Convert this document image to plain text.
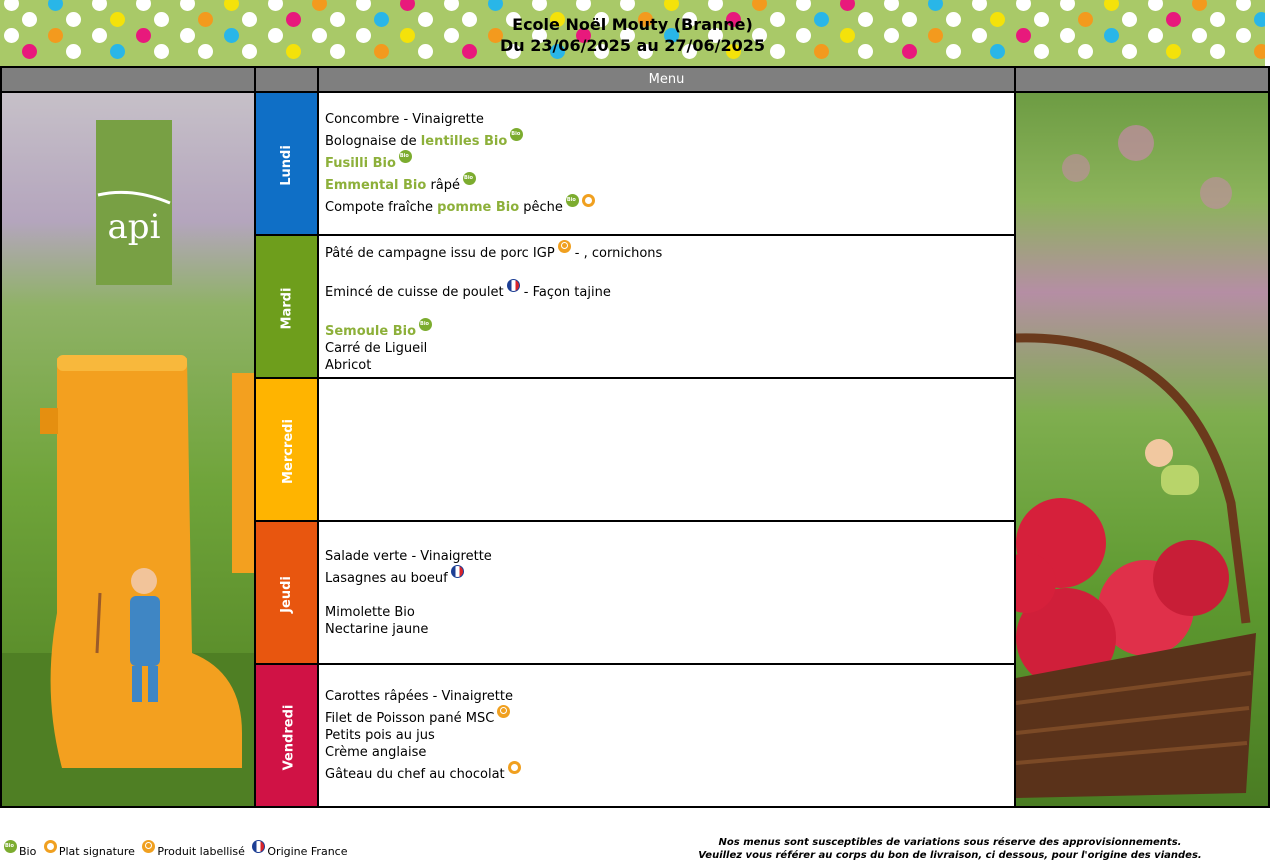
Ecole Noël Mouty (Branne)
Du 23/06/2025 au 27/06/2025
		Menu	

api	Lundi	Concombre - Vinaigrette
Bolognaise de lentilles BioBio
Fusilli BioBio
Emmental Bio râpéBio
Compote fraîche pomme Bio pêcheBio

	Mardi	Pâté de campagne issu de porc IGP - , cornichons
Emincé de cuisse de poulet - Façon tajine
Semoule BioBio
Carré de Ligueil
Abricot

	Mercredi		
	Jeudi	Salade verte - Vinaigrette
Lasagnes au boeuf
Mimolette Bio
Nectarine jaune	

	Vendredi	Carottes râpées - Vinaigrette
Filet de Poisson pané MSC
Petits pois au jus
Crème anglaise
Gâteau du chef au chocolat	
BioBio Plat signature Produit labellisé Origine France
Nos menus sont susceptibles de variations sous réserve des approvisionnements.
Veuillez vous référer au corps du bon de livraison, ci dessous, pour l'origine des viandes.
